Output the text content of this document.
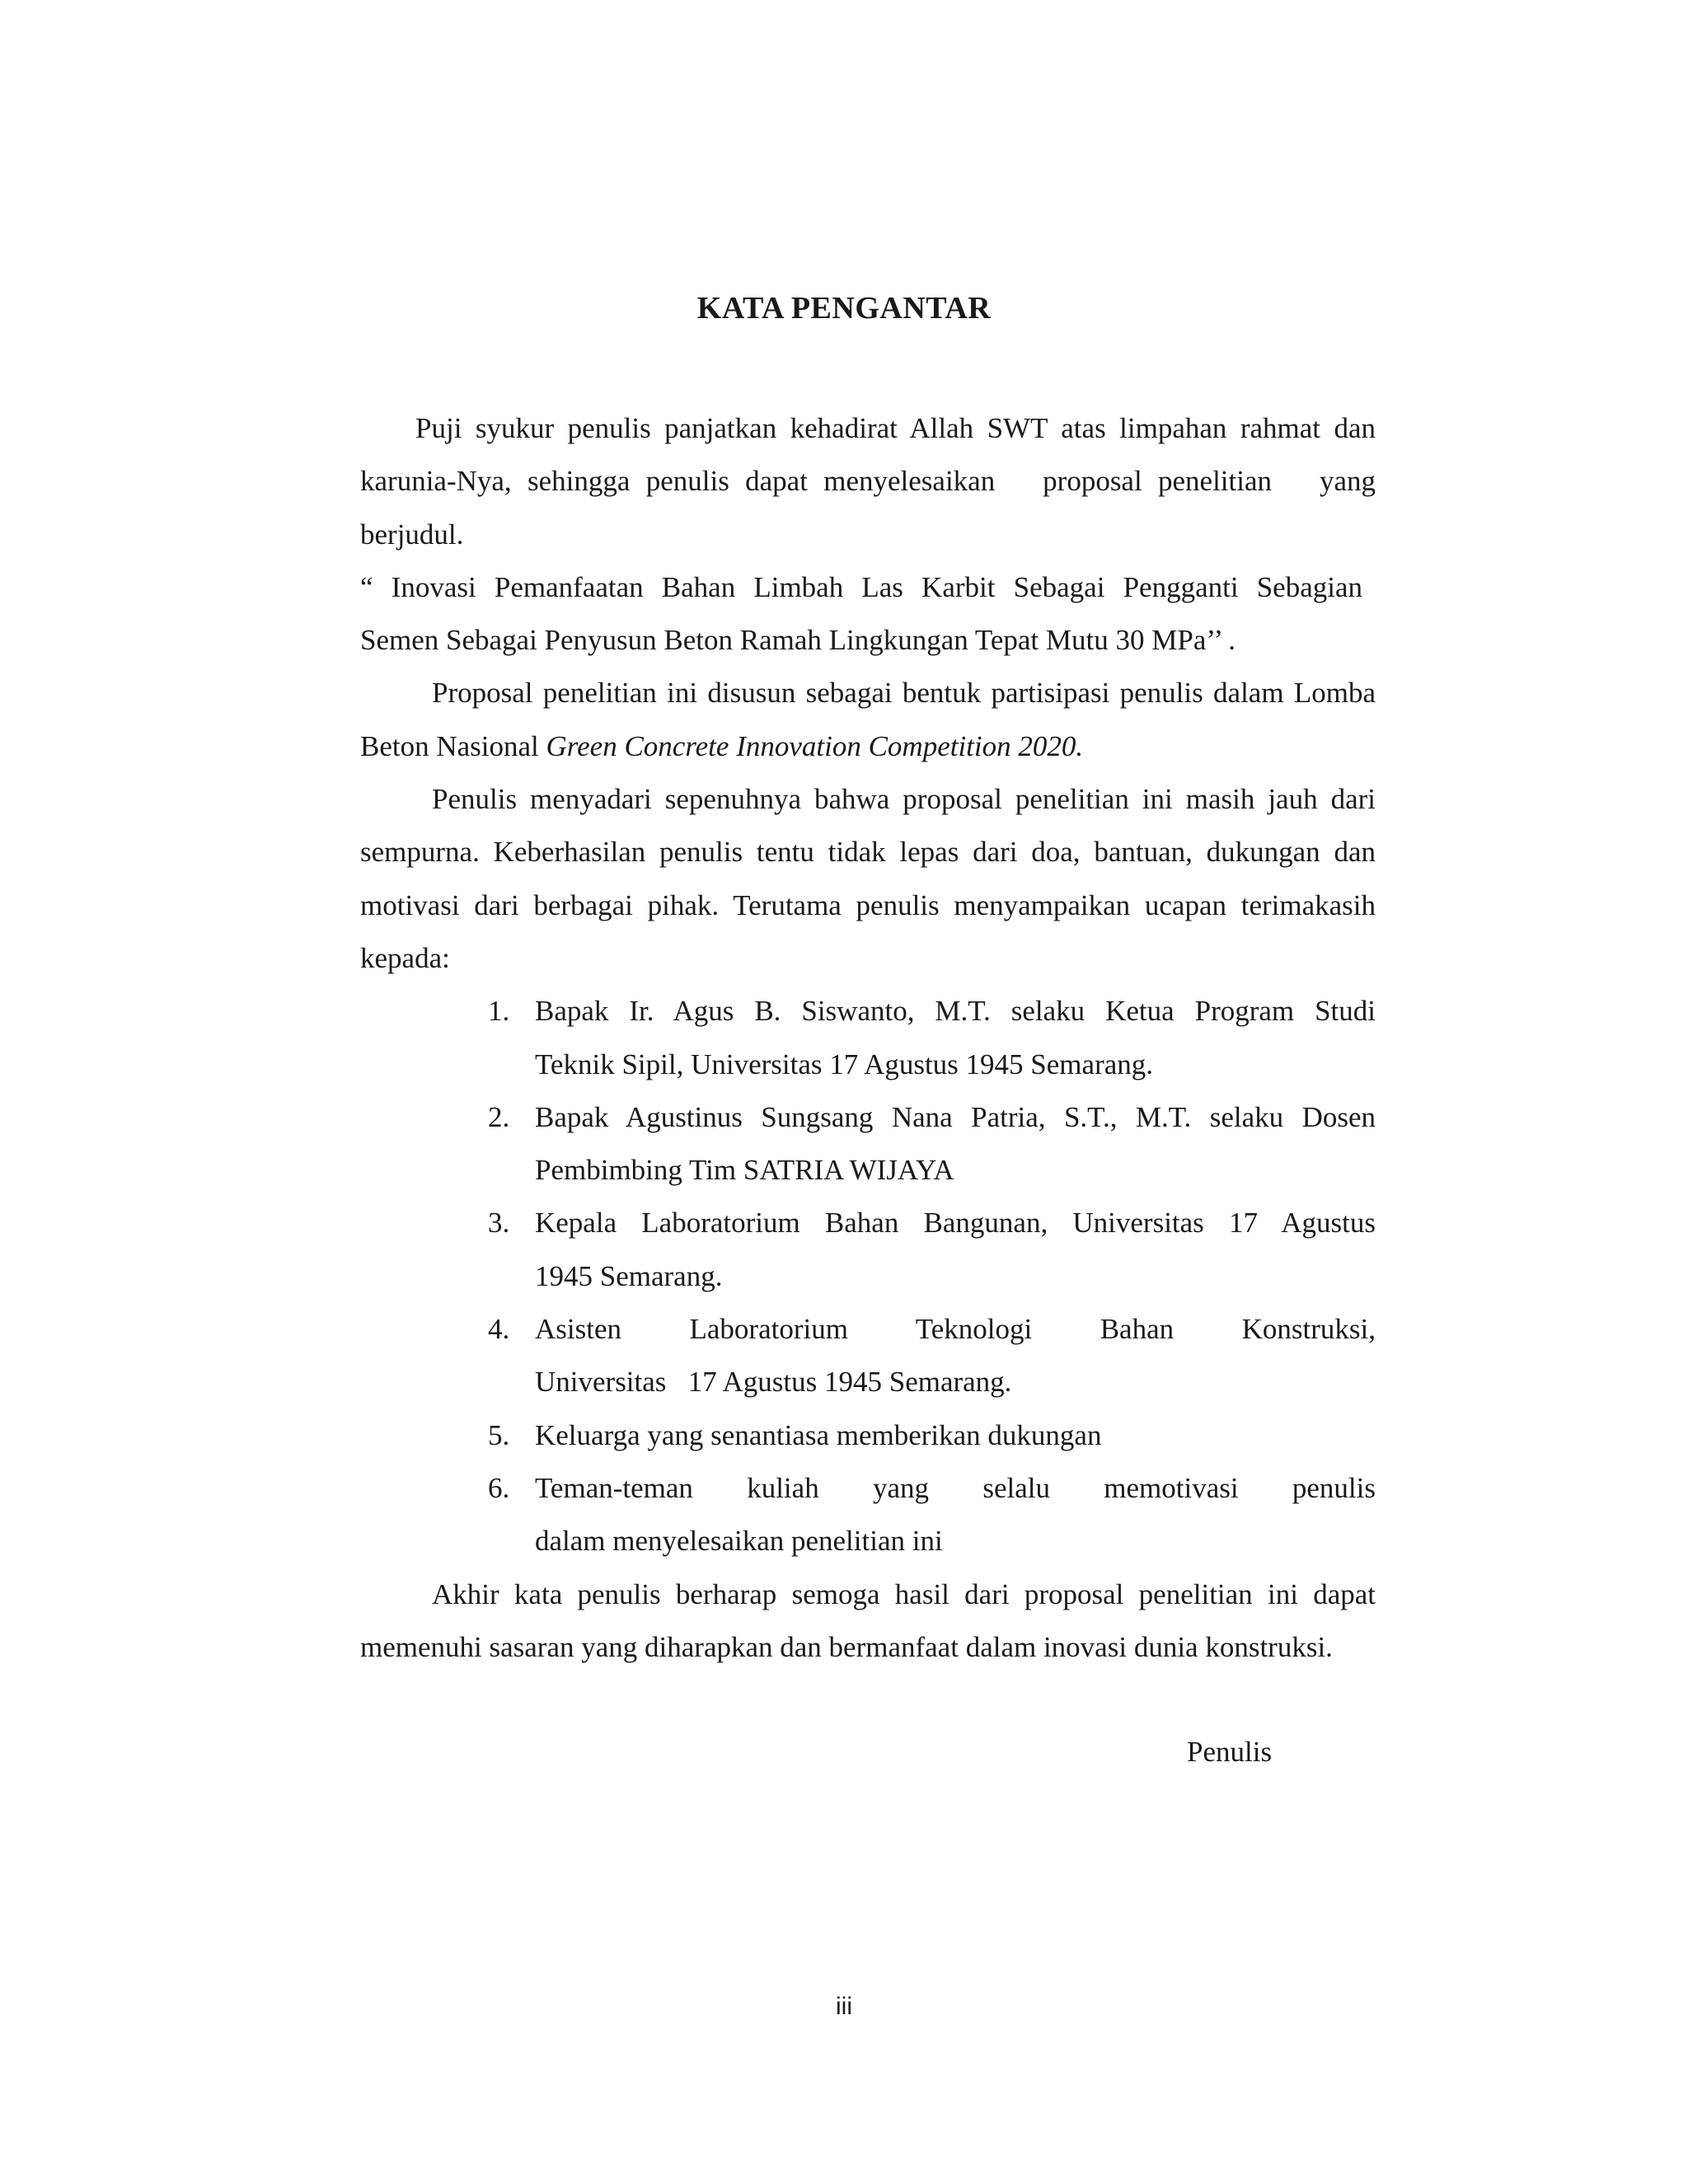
KATA PENGANTAR

Puji syukur penulis panjatkan kehadirat Allah SWT atas limpahan rahmat dan
karunia-Nya, sehingga penulis dapat menyelesaikan   proposal penelitian   yang
berjudul.

“ Inovasi Pemanfaatan Bahan Limbah Las Karbit Sebagai Pengganti Sebagian
Semen Sebagai Penyusun Beton Ramah Lingkungan Tepat Mutu 30 MPa’’ .

Proposal penelitian ini disusun sebagai bentuk partisipasi penulis dalam Lomba Beton Nasional Green Concrete Innovation Competition 2020.

Penulis menyadari sepenuhnya bahwa proposal penelitian ini masih jauh dari sempurna. Keberhasilan penulis tentu tidak lepas dari doa, bantuan, dukungan dan motivasi dari berbagai pihak. Terutama penulis menyampaikan ucapan terimakasih kepada:

1. Bapak Ir. Agus B. Siswanto, M.T. selaku Ketua Program Studi
Teknik Sipil, Universitas 17 Agustus 1945 Semarang.
2. Bapak Agustinus Sungsang Nana Patria, S.T., M.T. selaku Dosen
Pembimbing Tim SATRIA WIJAYA
3. Kepala Laboratorium Bahan Bangunan, Universitas 17 Agustus
1945 Semarang.
4. Asisten Laboratorium Teknologi Bahan Konstruksi,
Universitas   17 Agustus 1945 Semarang.
5. Keluarga yang senantiasa memberikan dukungan
6. Teman-teman kuliah yang selalu memotivasi penulis
dalam menyelesaikan penelitian ini

Akhir kata penulis berharap semoga hasil dari proposal penelitian ini dapat memenuhi sasaran yang diharapkan dan bermanfaat dalam inovasi dunia konstruksi.

Penulis
iii
